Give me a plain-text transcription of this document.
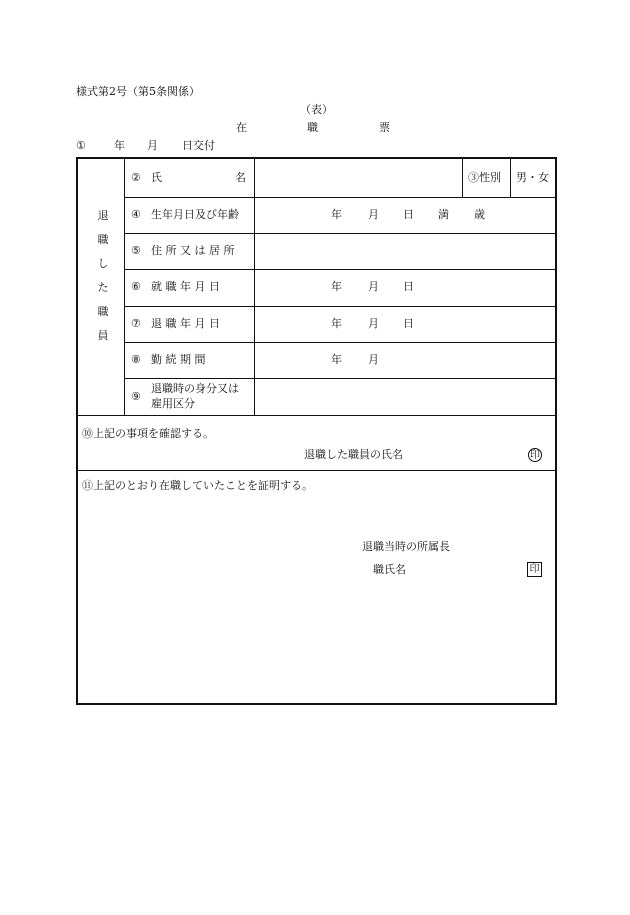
様式第2号（第5条関係）
（表）
在	職	票
①	年 月 日交付
退
職
し
た
職
員
② 氏	名	③性別 男・女
④ 生年月日及び年齢	年 月 日 満 歳
⑤ 住 所 又 は 居 所
⑥ 就 職 年 月 日	年 月 日
⑦ 退 職 年 月 日	年 月 日
⑧ 勤 続 期 間	年 月
⑨
退職時の身分又は
雇用区分
⑩上記の事項を確認する。
退職した職員の氏名	印
⑪上記のとおり在職していたことを証明する。
退職当時の所属長
職氏名	印
